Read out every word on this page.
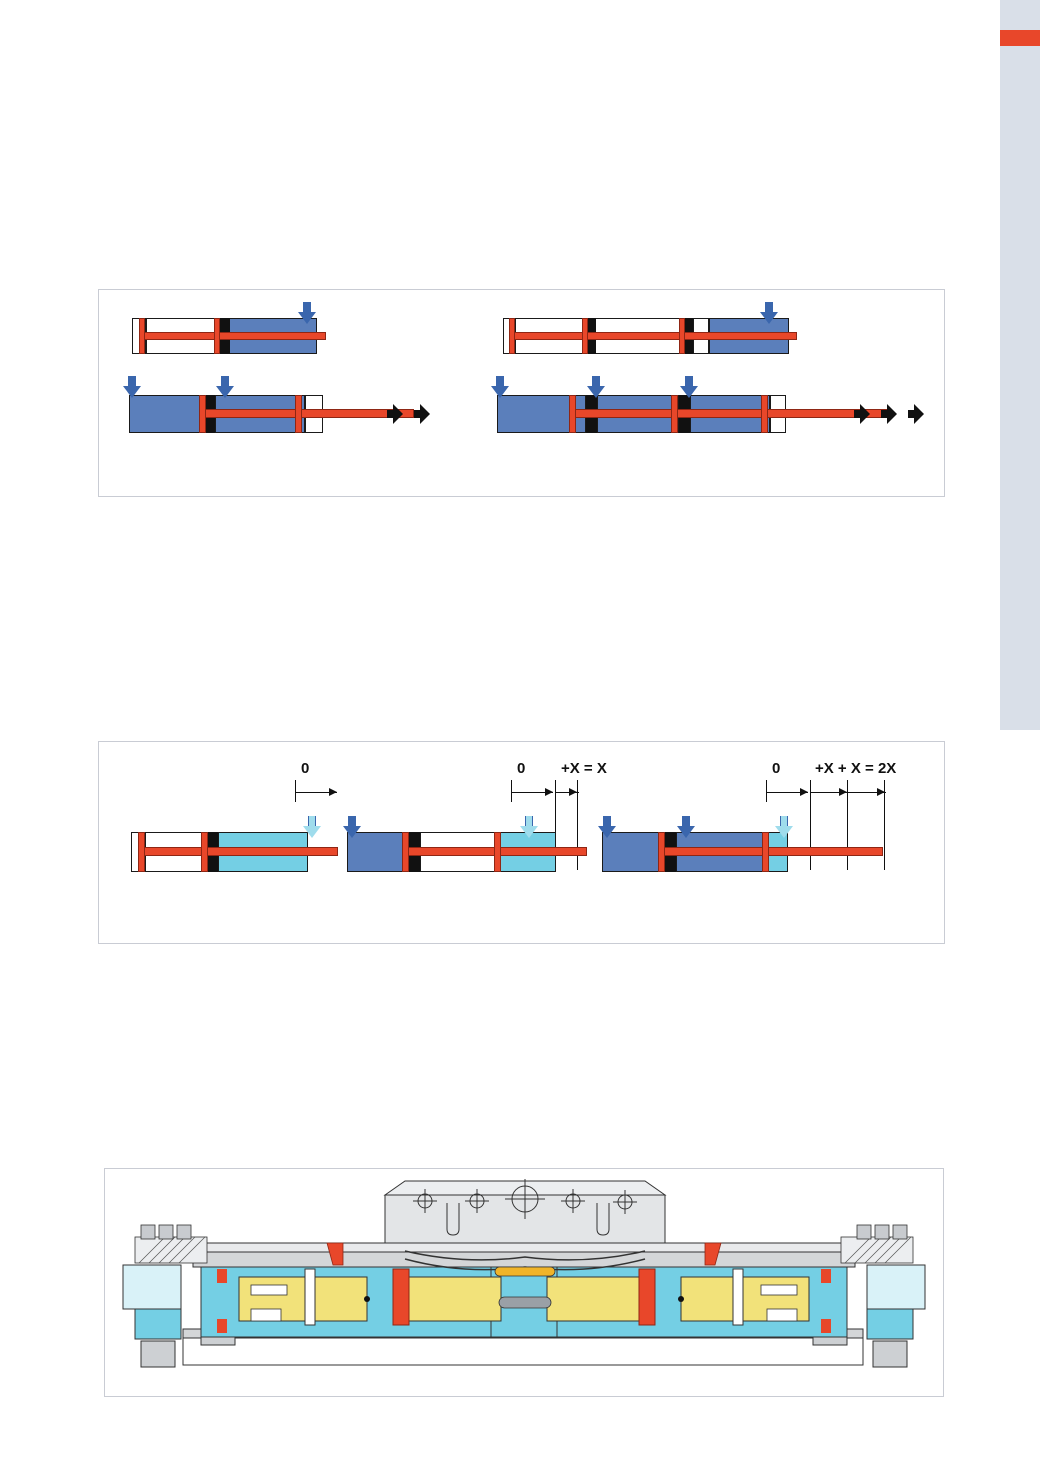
0	0 +X = X	0 +X + X = 2X
